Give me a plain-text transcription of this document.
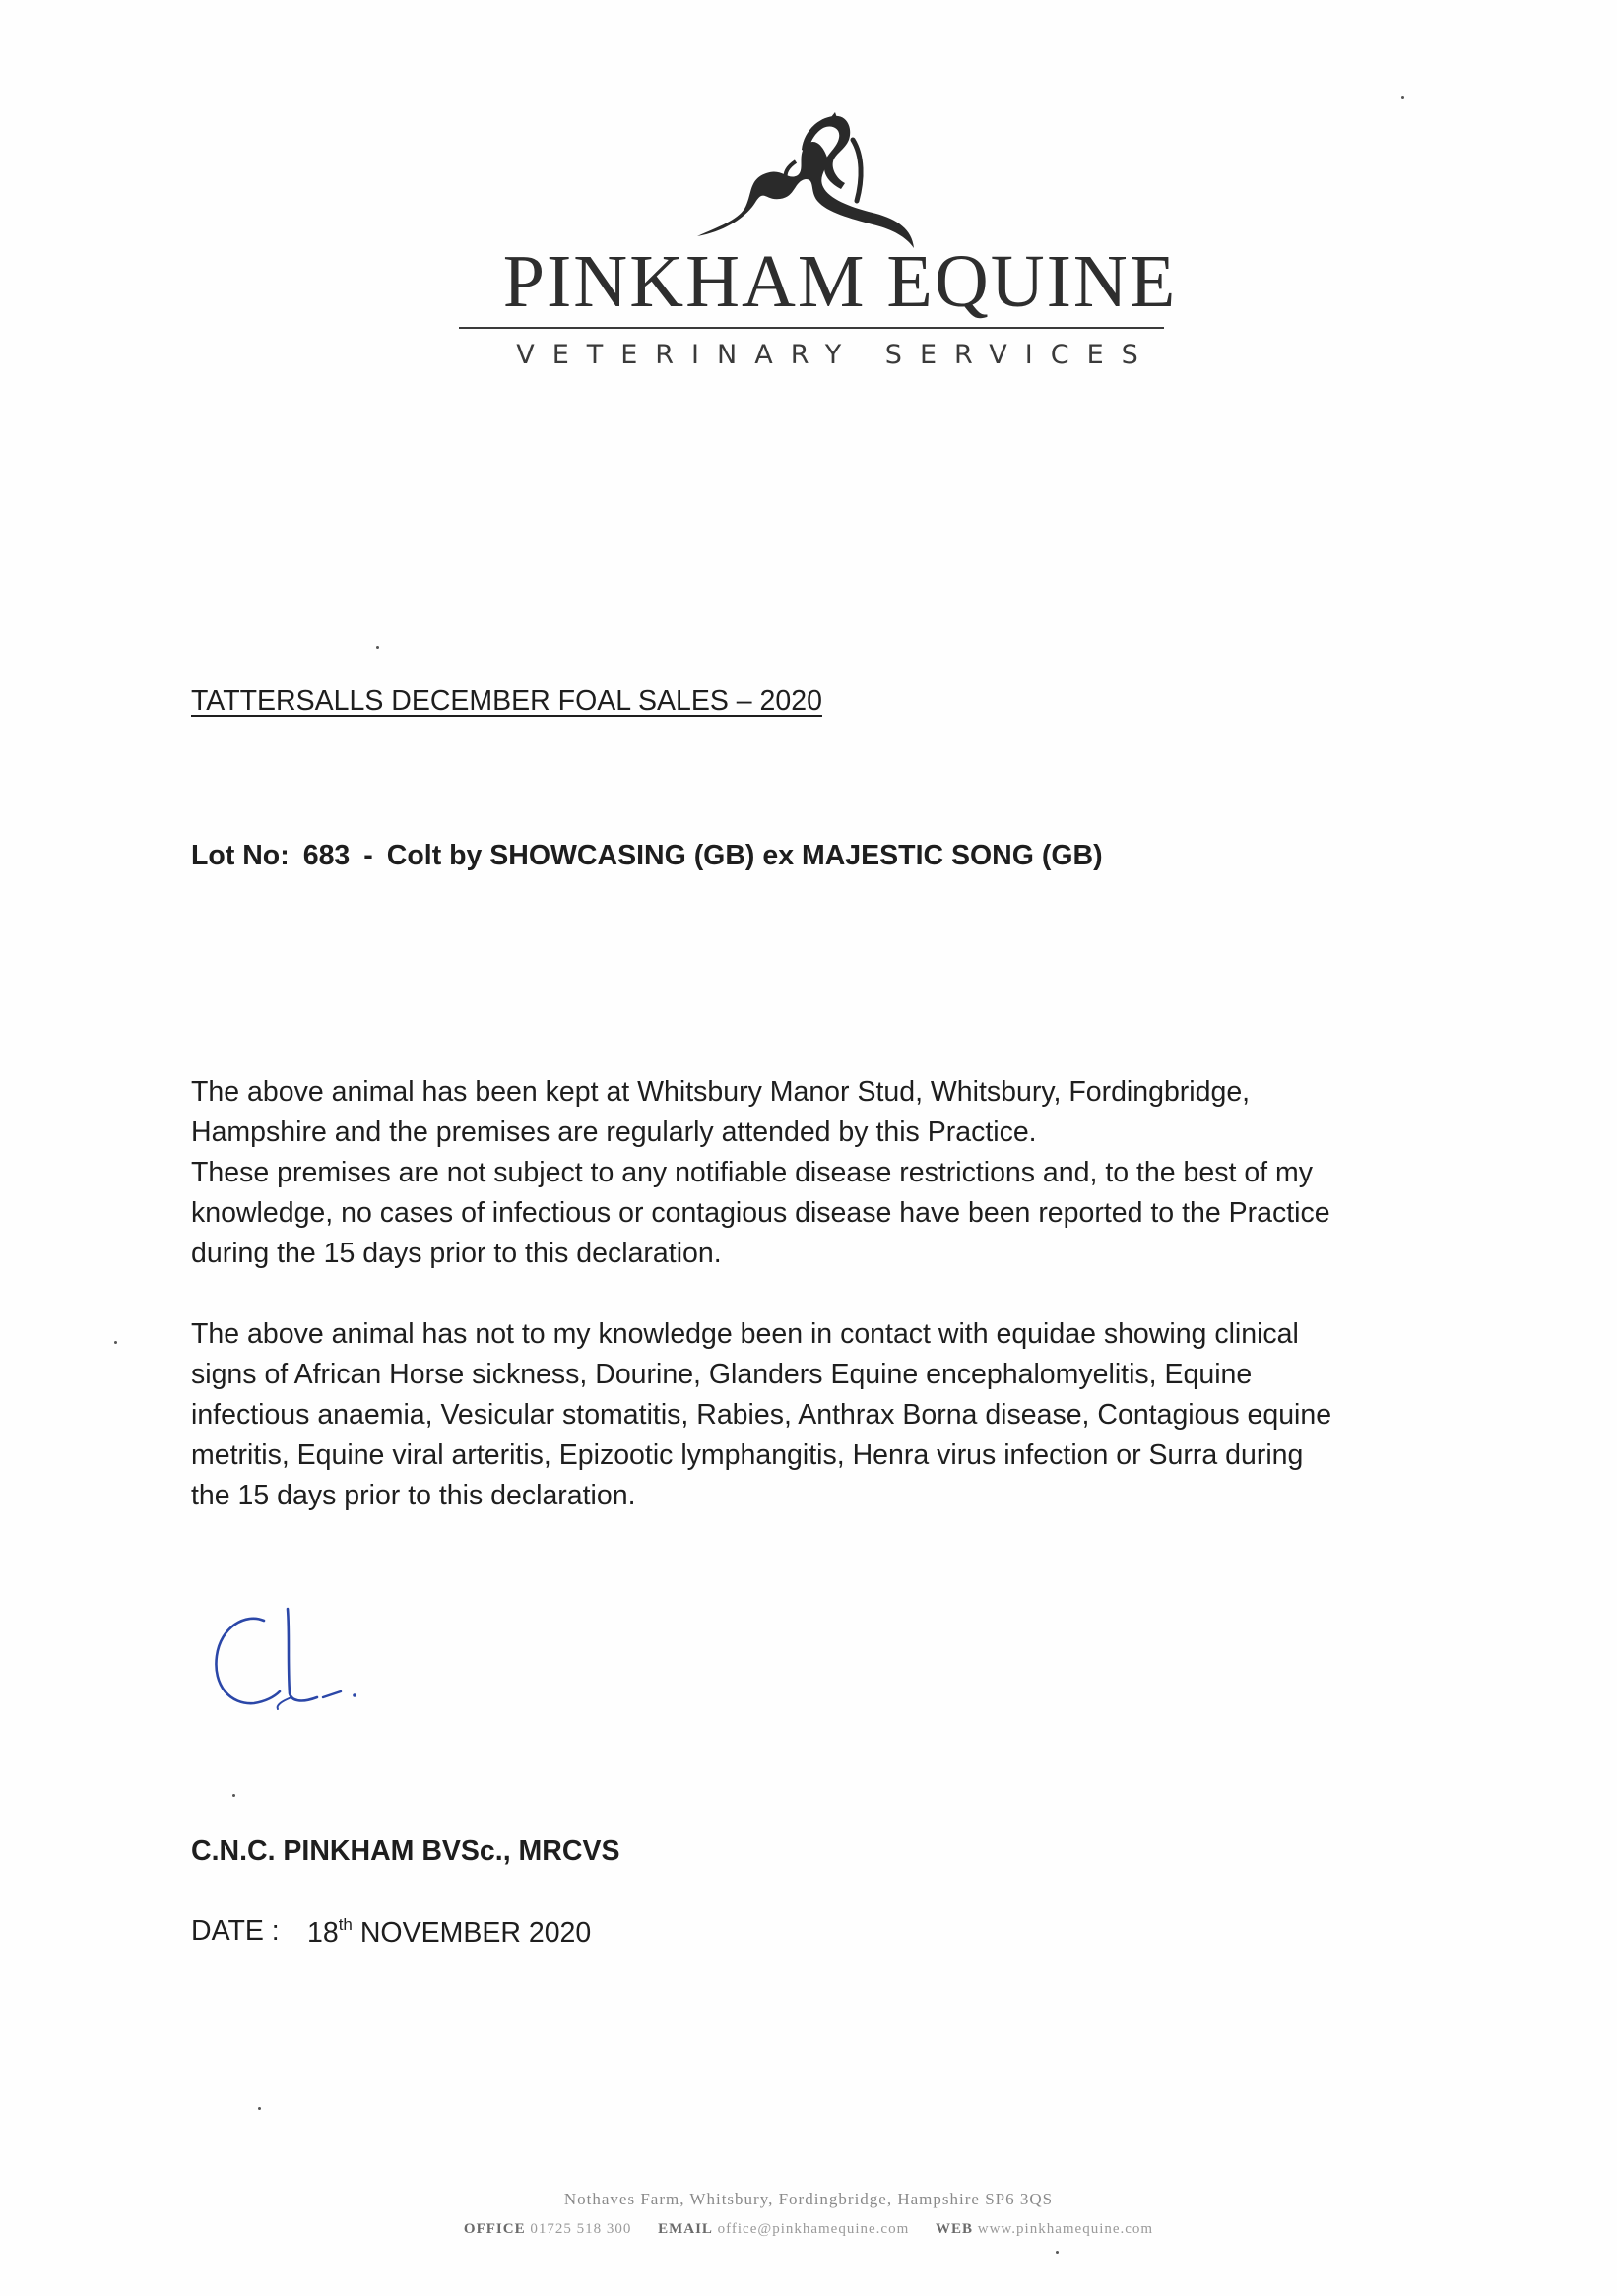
PINKHAM EQUINE
VETERINARY SERVICES
TATTERSALLS DECEMBER FOAL SALES – 2020
Lot No: 683 - Colt by SHOWCASING (GB) ex MAJESTIC SONG (GB)
The above animal has been kept at Whitsbury Manor Stud, Whitsbury, Fordingbridge,
Hampshire and the premises are regularly attended by this Practice.
These premises are not subject to any notifiable disease restrictions and, to the best of my
knowledge, no cases of infectious or contagious disease have been reported to the Practice
during the 15 days prior to this declaration.
The above animal has not to my knowledge been in contact with equidae showing clinical
signs of African Horse sickness, Dourine, Glanders Equine encephalomyelitis, Equine
infectious anaemia, Vesicular stomatitis, Rabies, Anthrax Borna disease, Contagious equine
metritis, Equine viral arteritis, Epizootic lymphangitis, Henra virus infection or Surra during
the 15 days prior to this declaration.
C.N.C. PINKHAM BVSc., MRCVS
DATE : 18th NOVEMBER 2020
Nothaves Farm, Whitsbury, Fordingbridge, Hampshire SP6 3QS
OFFICE 01725 518 300 EMAIL office@pinkhamequine.com WEB www.pinkhamequine.com
